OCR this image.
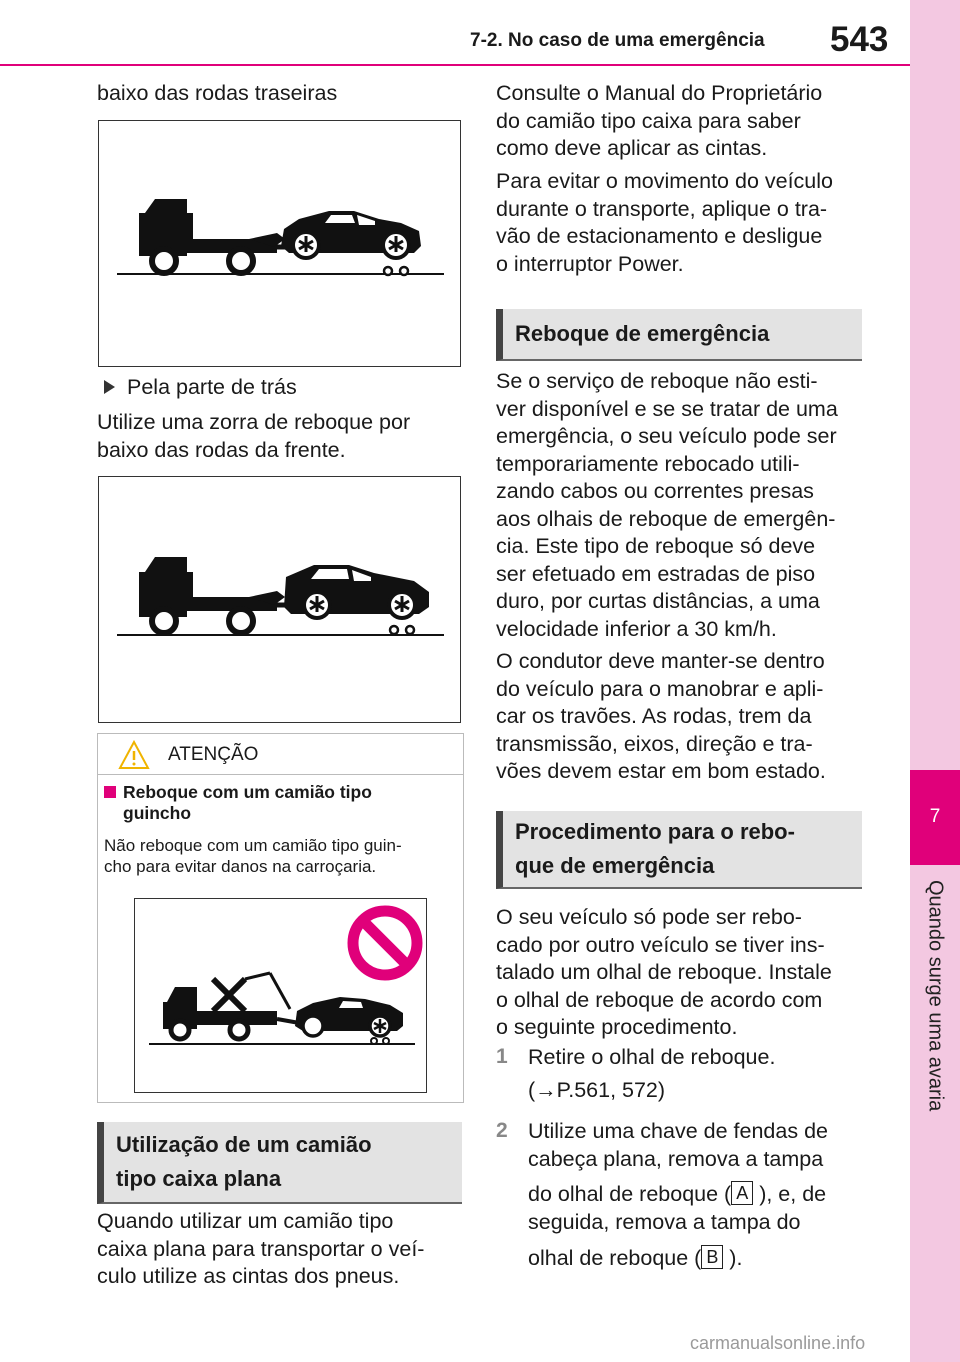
7-2. No caso de uma emergência 543
7
Quando surge uma avaria
baixo das rodas traseiras
Pela parte de trás
Utilize uma zorra de reboque por
baixo das rodas da frente.
ATENÇÃO
Reboque com um camião tipo
guincho
Não reboque com um camião tipo guin-
cho para evitar danos na carroçaria.
Utilização de um camião
tipo caixa plana
Quando utilizar um camião tipo
caixa plana para transportar o veí-
culo utilize as cintas dos pneus.
Consulte o Manual do Proprietário
do camião tipo caixa para saber
como deve aplicar as cintas.
Para evitar o movimento do veículo
durante o transporte, aplique o tra-
vão de estacionamento e desligue
o interruptor Power.
Reboque de emergência
Se o serviço de reboque não esti-
ver disponível e se se tratar de uma
emergência, o seu veículo pode ser
temporariamente rebocado utili-
zando cabos ou correntes presas
aos olhais de reboque de emergên-
cia. Este tipo de reboque só deve
ser efetuado em estradas de piso
duro, por curtas distâncias, a uma
velocidade inferior a 30 km/h.
O condutor deve manter-se dentro
do veículo para o manobrar e apli-
car os travões. As rodas, trem da
transmissão, eixos, direção e tra-
vões devem estar em bom estado.
Procedimento para o rebo-
que de emergência
O seu veículo só pode ser rebo-
cado por outro veículo se tiver ins-
talado um olhal de reboque. Instale
o olhal de reboque de acordo com
o seguinte procedimento.
1 Retire o olhal de reboque.
(→P.561, 572)
2 Utilize uma chave de fendas de
cabeça plana, remova a tampa
do olhal de reboque ( A ), e, de
seguida, remova a tampa do
olhal de reboque ( B ).
carmanualsonline.info
